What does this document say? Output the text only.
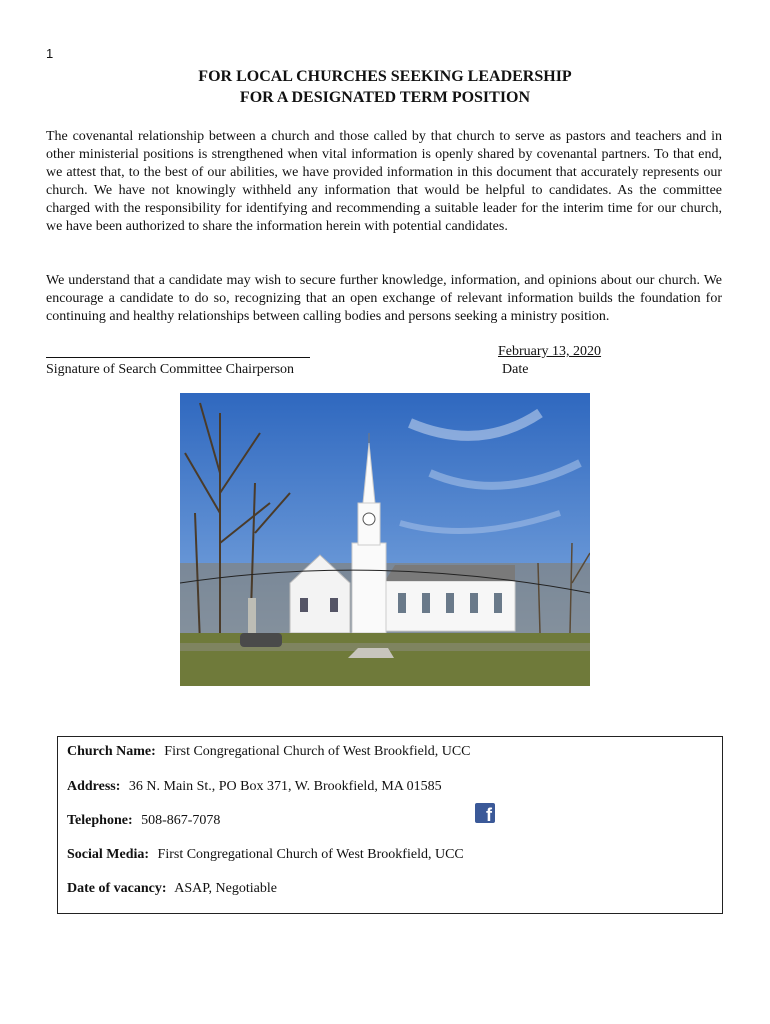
1
FOR LOCAL CHURCHES SEEKING LEADERSHIP
FOR A DESIGNATED TERM POSITION

The covenantal relationship between a church and those called by that church to serve as pastors and teachers and in other ministerial positions is strengthened when vital information is openly shared by covenantal partners. To that end, we attest that, to the best of our abilities, we have provided information in this document that accurately represents our church. We have not knowingly withheld any information that would be helpful to candidates. As the committee charged with the responsibility for identifying and recommending a suitable leader for the interim time for our church, we have been authorized to share the information herein with potential candidates.

We understand that a candidate may wish to secure further knowledge, information, and opinions about our church. We encourage a candidate to do so, recognizing that an open exchange of relevant information builds the foundation for continuing and healthy relationships between calling bodies and persons seeking a ministry position.

Signature of Search Committee Chairperson
February 13, 2020
Date
Church Name: First Congregational Church of West Brookfield, UCC
Address: 36 N. Main St., PO Box 371, W. Brookfield, MA 01585
Telephone: 508-867-7078	f
Social Media: First Congregational Church of West Brookfield, UCC
Date of vacancy: ASAP, Negotiable
